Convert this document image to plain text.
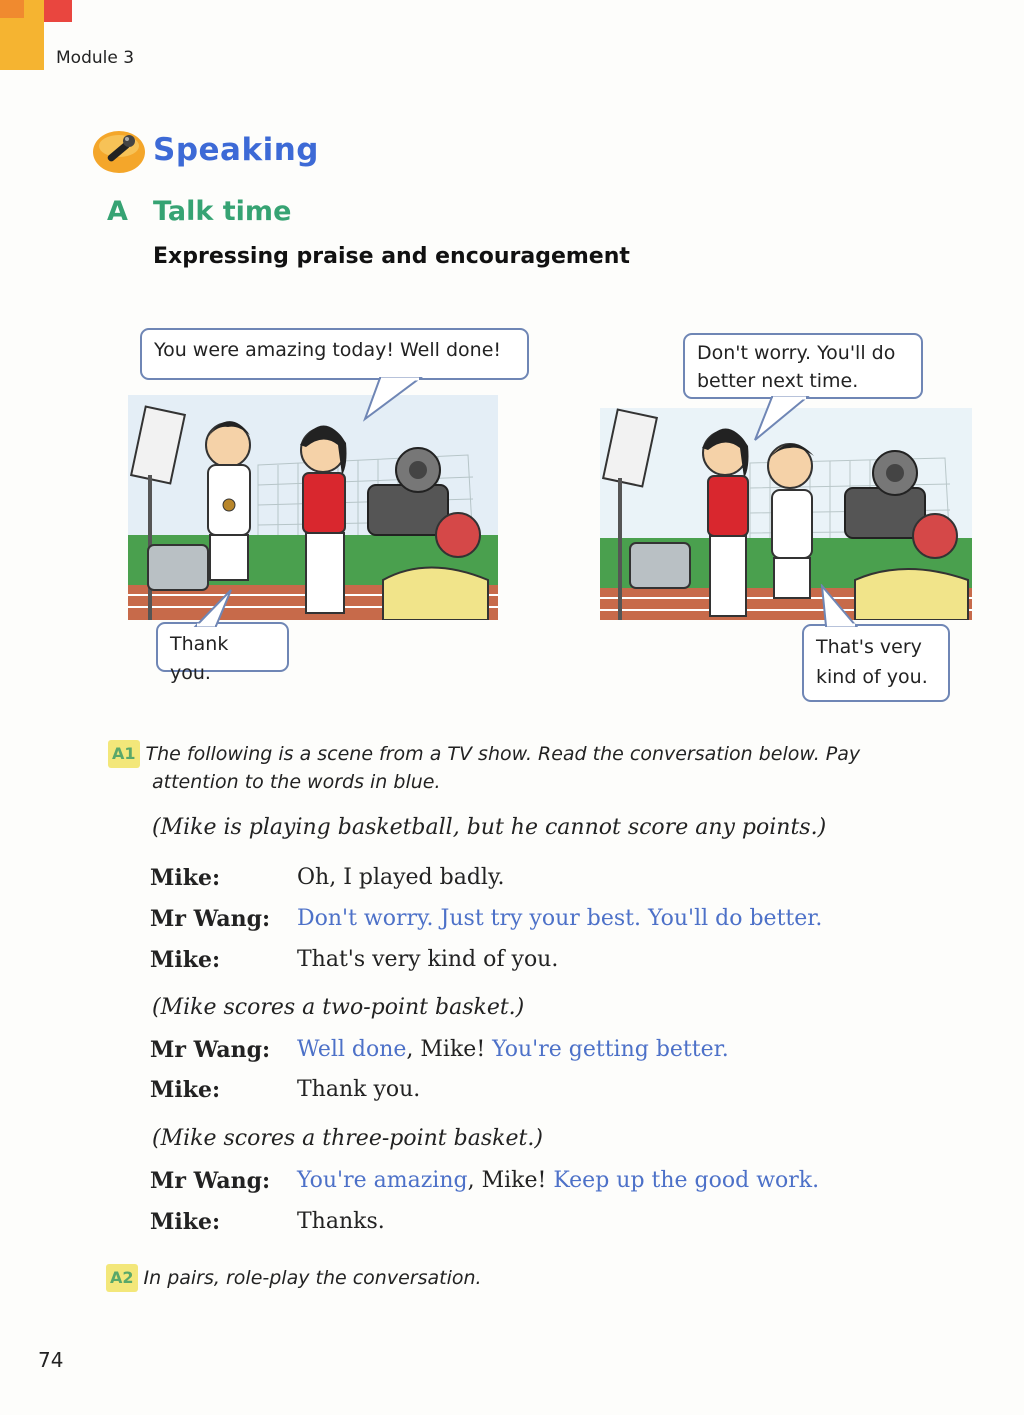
Module 3
Speaking
A Talk time
Expressing praise and encouragement
You were amazing today! Well done!
Thank you.
Don't worry. You'll do
better next time.
That's very
kind of you.
A1 The following is a scene from a TV show. Read the conversation below. Pay
attention to the words in blue.
(Mike is playing basketball, but he cannot score any points.)
Mike:	Oh, I played badly.
Mr Wang: Don't worry. Just try your best. You'll do better.
Mike:	That's very kind of you.
(Mike scores a two-point basket.)
Mr Wang: Well done, Mike! You're getting better.
Mike:	Thank you.
(Mike scores a three-point basket.)
Mr Wang: You're amazing, Mike! Keep up the good work.
Mike:	Thanks.
A2 In pairs, role-play the conversation.
74
